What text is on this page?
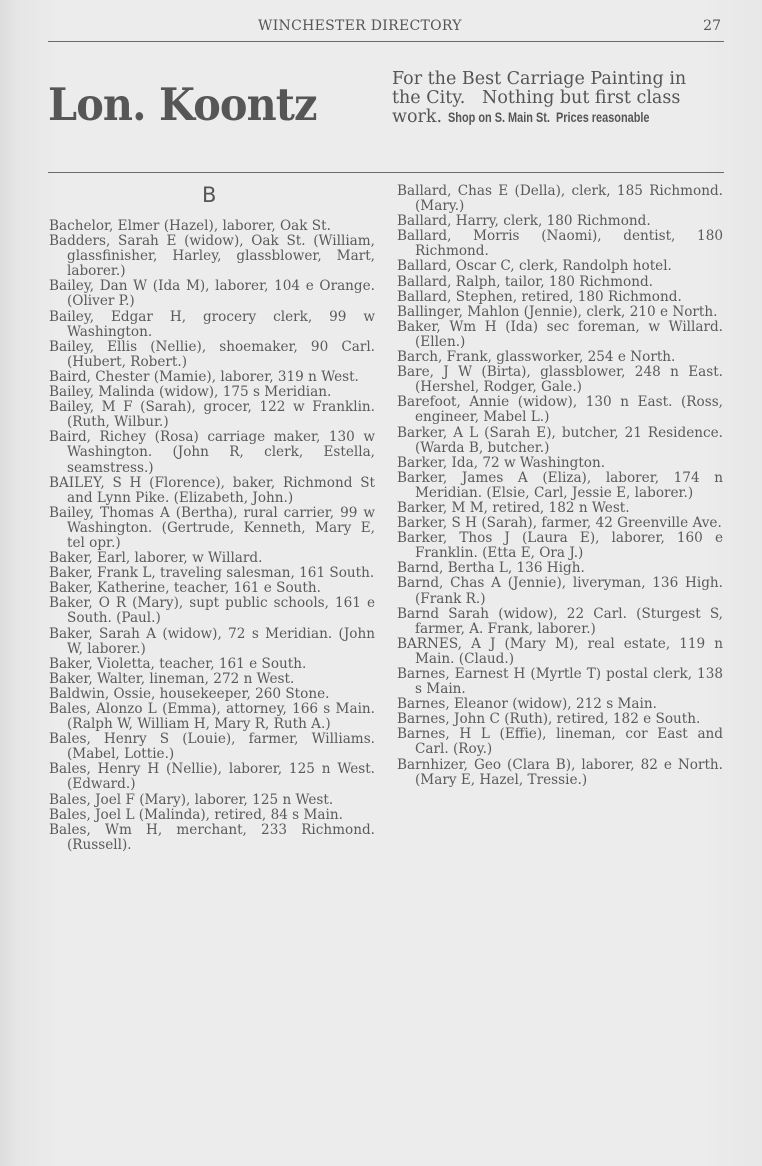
WINCHESTER DIRECTORY	27
Lon. Koontz	For the Best Carriage Painting in
the City.   Nothing but first class
work. Shop on S. Main St.  Prices reasonable
B

Bachelor, Elmer (Hazel), laborer, Oak St.

Badders, Sarah E (widow), Oak St. (William, glassfinisher, Harley, glassblower, Mart, laborer.)

Bailey, Dan W (Ida M), laborer, 104 e Orange. (Oliver P.)

Bailey, Edgar H, grocery clerk, 99 w Washington.

Bailey, Ellis (Nellie), shoemaker, 90 Carl. (Hubert, Robert.)

Baird, Chester (Mamie), laborer, 319 n West.

Bailey, Malinda (widow), 175 s Meridian.

Bailey, M F (Sarah), grocer, 122 w Franklin. (Ruth, Wilbur.)

Baird, Richey (Rosa) carriage maker, 130 w Washington. (John R, clerk, Estella, seamstress.)

BAILEY, S H (Florence), baker, Richmond St and Lynn Pike. (Elizabeth, John.)

Bailey, Thomas A (Bertha), rural carrier, 99 w Washington. (Gertrude, Kenneth, Mary E, tel opr.)

Baker, Earl, laborer, w Willard.

Baker, Frank L, traveling salesman, 161 South.

Baker, Katherine, teacher, 161 e South.

Baker, O R (Mary), supt public schools, 161 e South. (Paul.)

Baker, Sarah A (widow), 72 s Meridian. (John W, laborer.)

Baker, Violetta, teacher, 161 e South.

Baker, Walter, lineman, 272 n West.

Baldwin, Ossie, housekeeper, 260 Stone.

Bales, Alonzo L (Emma), attorney, 166 s Main. (Ralph W, William H, Mary R, Ruth A.)

Bales, Henry S (Louie), farmer, Williams. (Mabel, Lottie.)

Bales, Henry H (Nellie), laborer, 125 n West. (Edward.)

Bales, Joel F (Mary), laborer, 125 n West.

Bales, Joel L (Malinda), retired, 84 s Main.

Bales, Wm H, merchant, 233 Richmond. (Russell).

Ballard, Chas E (Della), clerk, 185 Richmond. (Mary.)

Ballard, Harry, clerk, 180 Richmond.

Ballard, Morris (Naomi), dentist, 180 Richmond.

Ballard, Oscar C, clerk, Randolph hotel.

Ballard, Ralph, tailor, 180 Richmond.

Ballard, Stephen, retired, 180 Richmond.

Ballinger, Mahlon (Jennie), clerk, 210 e North.

Baker, Wm H (Ida) sec foreman, w Willard. (Ellen.)

Barch, Frank, glassworker, 254 e North.

Bare, J W (Birta), glassblower, 248 n East. (Hershel, Rodger, Gale.)

Barefoot, Annie (widow), 130 n East. (Ross, engineer, Mabel L.)

Barker, A L (Sarah E), butcher, 21 Residence. (Warda B, butcher.)

Barker, Ida, 72 w Washington.

Barker, James A (Eliza), laborer, 174 n Meridian. (Elsie, Carl, Jessie E, laborer.)

Barker, M M, retired, 182 n West.

Barker, S H (Sarah), farmer, 42 Greenville Ave.

Barker, Thos J (Laura E), laborer, 160 e Franklin. (Etta E, Ora J.)

Barnd, Bertha L, 136 High.

Barnd, Chas A (Jennie), liveryman, 136 High. (Frank R.)

Barnd Sarah (widow), 22 Carl. (Sturgest S, farmer, A. Frank, laborer.)

BARNES, A J (Mary M), real estate, 119 n Main. (Claud.)

Barnes, Earnest H (Myrtle T) postal clerk, 138 s Main.

Barnes, Eleanor (widow), 212 s Main.

Barnes, John C (Ruth), retired, 182 e South.

Barnes, H L (Effie), lineman, cor East and Carl. (Roy.)

Barnhizer, Geo (Clara B), laborer, 82 e North. (Mary E, Hazel, Tressie.)
